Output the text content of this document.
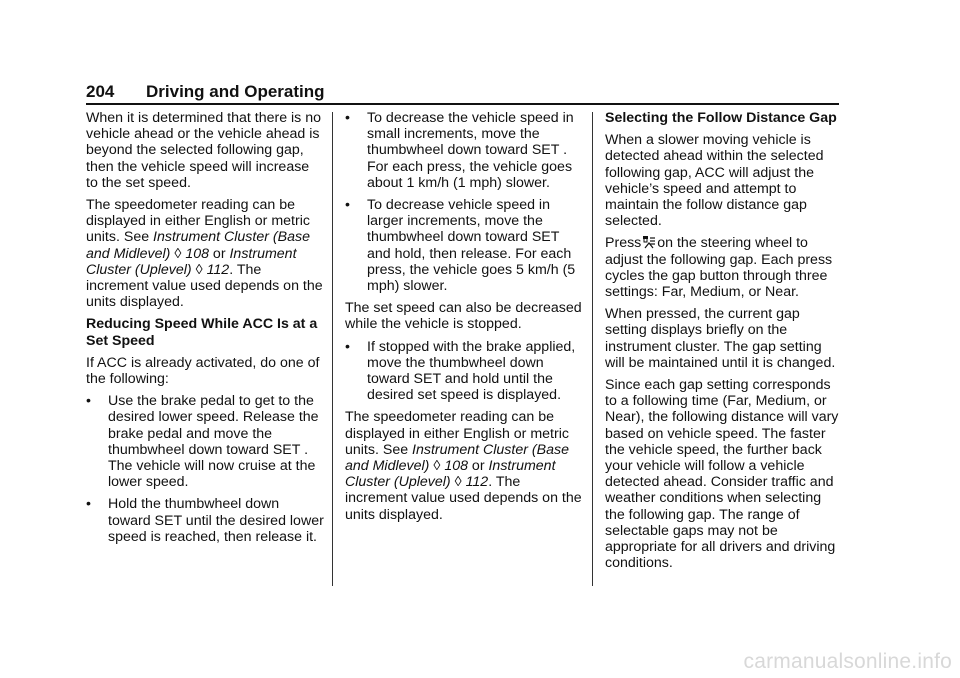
204 Driving and Operating

When it is determined that there is no vehicle ahead or the vehicle ahead is beyond the selected following gap, then the vehicle speed will increase to the set speed.

The speedometer reading can be displayed in either English or metric units. See Instrument Cluster (Base and Midlevel) ◊ 108 or Instrument Cluster (Uplevel) ◊ 112. The increment value used depends on the units displayed.

Reducing Speed While ACC Is at a Set Speed

If ACC is already activated, do one of the following:

• Use the brake pedal to get to the desired lower speed. Release the brake pedal and move the thumbwheel down toward SET . The vehicle will now cruise at the lower speed.
• Hold the thumbwheel down toward SET until the desired lower speed is reached, then release it.
• To decrease the vehicle speed in small increments, move the thumbwheel down toward SET . For each press, the vehicle goes about 1 km/h (1 mph) slower.
• To decrease vehicle speed in larger increments, move the thumbwheel down toward SET and hold, then release. For each press, the vehicle goes 5 km/h (5 mph) slower.

The set speed can also be decreased while the vehicle is stopped.

• If stopped with the brake applied, move the thumbwheel down toward SET and hold until the desired set speed is displayed.

The speedometer reading can be displayed in either English or metric units. See Instrument Cluster (Base and Midlevel) ◊ 108 or Instrument Cluster (Uplevel) ◊ 112. The increment value used depends on the units displayed.

Selecting the Follow Distance Gap

When a slower moving vehicle is detected ahead within the selected following gap, ACC will adjust the vehicle’s speed and attempt to maintain the follow distance gap selected.

Press on the steering wheel to adjust the following gap. Each press cycles the gap button through three settings: Far, Medium, or Near.

When pressed, the current gap setting displays briefly on the instrument cluster. The gap setting will be maintained until it is changed.

Since each gap setting corresponds to a following time (Far, Medium, or Near), the following distance will vary based on vehicle speed. The faster the vehicle speed, the further back your vehicle will follow a vehicle detected ahead. Consider traffic and weather conditions when selecting the following gap. The range of selectable gaps may not be appropriate for all drivers and driving conditions.

carmanualsonline.info
